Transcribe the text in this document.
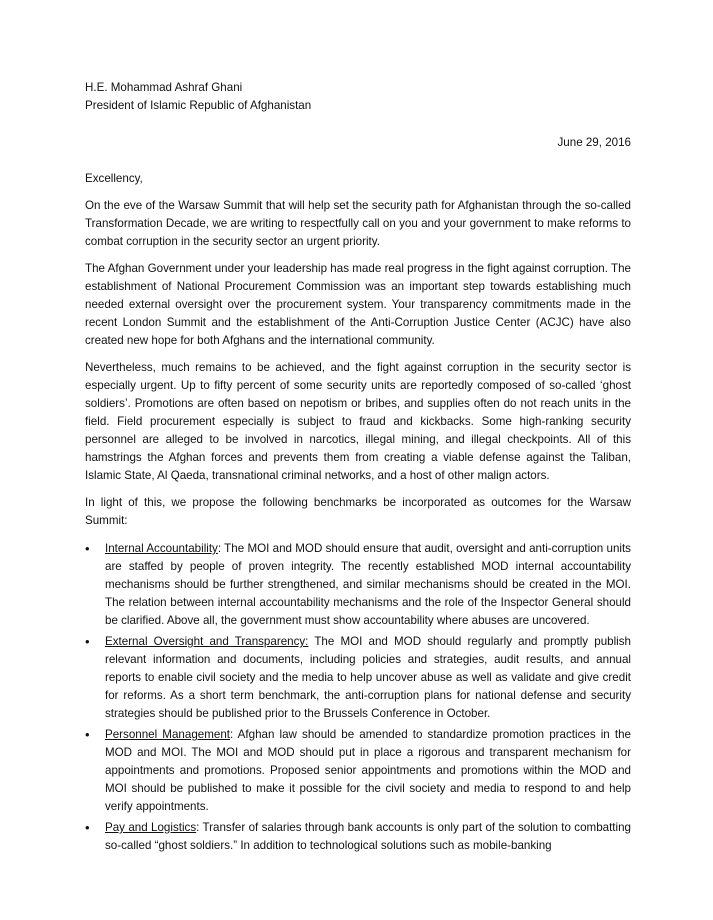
H.E. Mohammad Ashraf Ghani

President of Islamic Republic of Afghanistan

June 29, 2016

Excellency,

On the eve of the Warsaw Summit that will help set the security path for Afghanistan through the so-called Transformation Decade, we are writing to respectfully call on you and your government to make reforms to combat corruption in the security sector an urgent priority.

The Afghan Government under your leadership has made real progress in the fight against corruption. The establishment of National Procurement Commission was an important step towards establishing much needed external oversight over the procurement system. Your transparency commitments made in the recent London Summit and the establishment of the Anti-Corruption Justice Center (ACJC) have also created new hope for both Afghans and the international community.

Nevertheless, much remains to be achieved, and the fight against corruption in the security sector is especially urgent. Up to fifty percent of some security units are reportedly composed of so-called ‘ghost soldiers’. Promotions are often based on nepotism or bribes, and supplies often do not reach units in the field. Field procurement especially is subject to fraud and kickbacks. Some high-ranking security personnel are alleged to be involved in narcotics, illegal mining, and illegal checkpoints. All of this hamstrings the Afghan forces and prevents them from creating a viable defense against the Taliban, Islamic State, Al Qaeda, transnational criminal networks, and a host of other malign actors.

In light of this, we propose the following benchmarks be incorporated as outcomes for the Warsaw Summit:

• Internal Accountability: The MOI and MOD should ensure that audit, oversight and anti-corruption units are staffed by people of proven integrity. The recently established MOD internal accountability mechanisms should be further strengthened, and similar mechanisms should be created in the MOI. The relation between internal accountability mechanisms and the role of the Inspector General should be clarified. Above all, the government must show accountability where abuses are uncovered.
• External Oversight and Transparency: The MOI and MOD should regularly and promptly publish relevant information and documents, including policies and strategies, audit results, and annual reports to enable civil society and the media to help uncover abuse as well as validate and give credit for reforms. As a short term benchmark, the anti-corruption plans for national defense and security strategies should be published prior to the Brussels Conference in October.
• Personnel Management: Afghan law should be amended to standardize promotion practices in the MOD and MOI. The MOI and MOD should put in place a rigorous and transparent mechanism for appointments and promotions. Proposed senior appointments and promotions within the MOD and MOI should be published to make it possible for the civil society and media to respond to and help verify appointments.
• Pay and Logistics: Transfer of salaries through bank accounts is only part of the solution to combatting so-called “ghost soldiers.” In addition to technological solutions such as mobile-banking
